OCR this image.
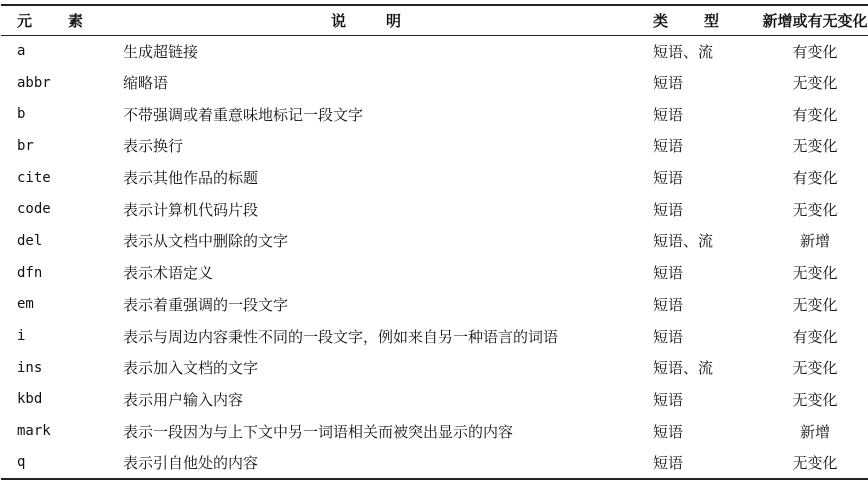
元素	说明	类型	新增或有无变化
a	生成超链接	短语、流	有变化
abbr	缩略语	短语	无变化
b	不带强调或着重意味地标记一段文字	短语	有变化
br	表示换行	短语	无变化
cite	表示其他作品的标题	短语	有变化
code	表示计算机代码片段	短语	无变化
del	表示从文档中删除的文字	短语、流	新增
dfn	表示术语定义	短语	无变化
em	表示着重强调的一段文字	短语	无变化
i	表示与周边内容秉性不同的一段文字，例如来自另一种语言的词语	短语	有变化
ins	表示加入文档的文字	短语、流	无变化
kbd	表示用户输入内容	短语	无变化
mark	表示一段因为与上下文中另一词语相关而被突出显示的内容	短语	新增
q	表示引自他处的内容	短语	无变化
